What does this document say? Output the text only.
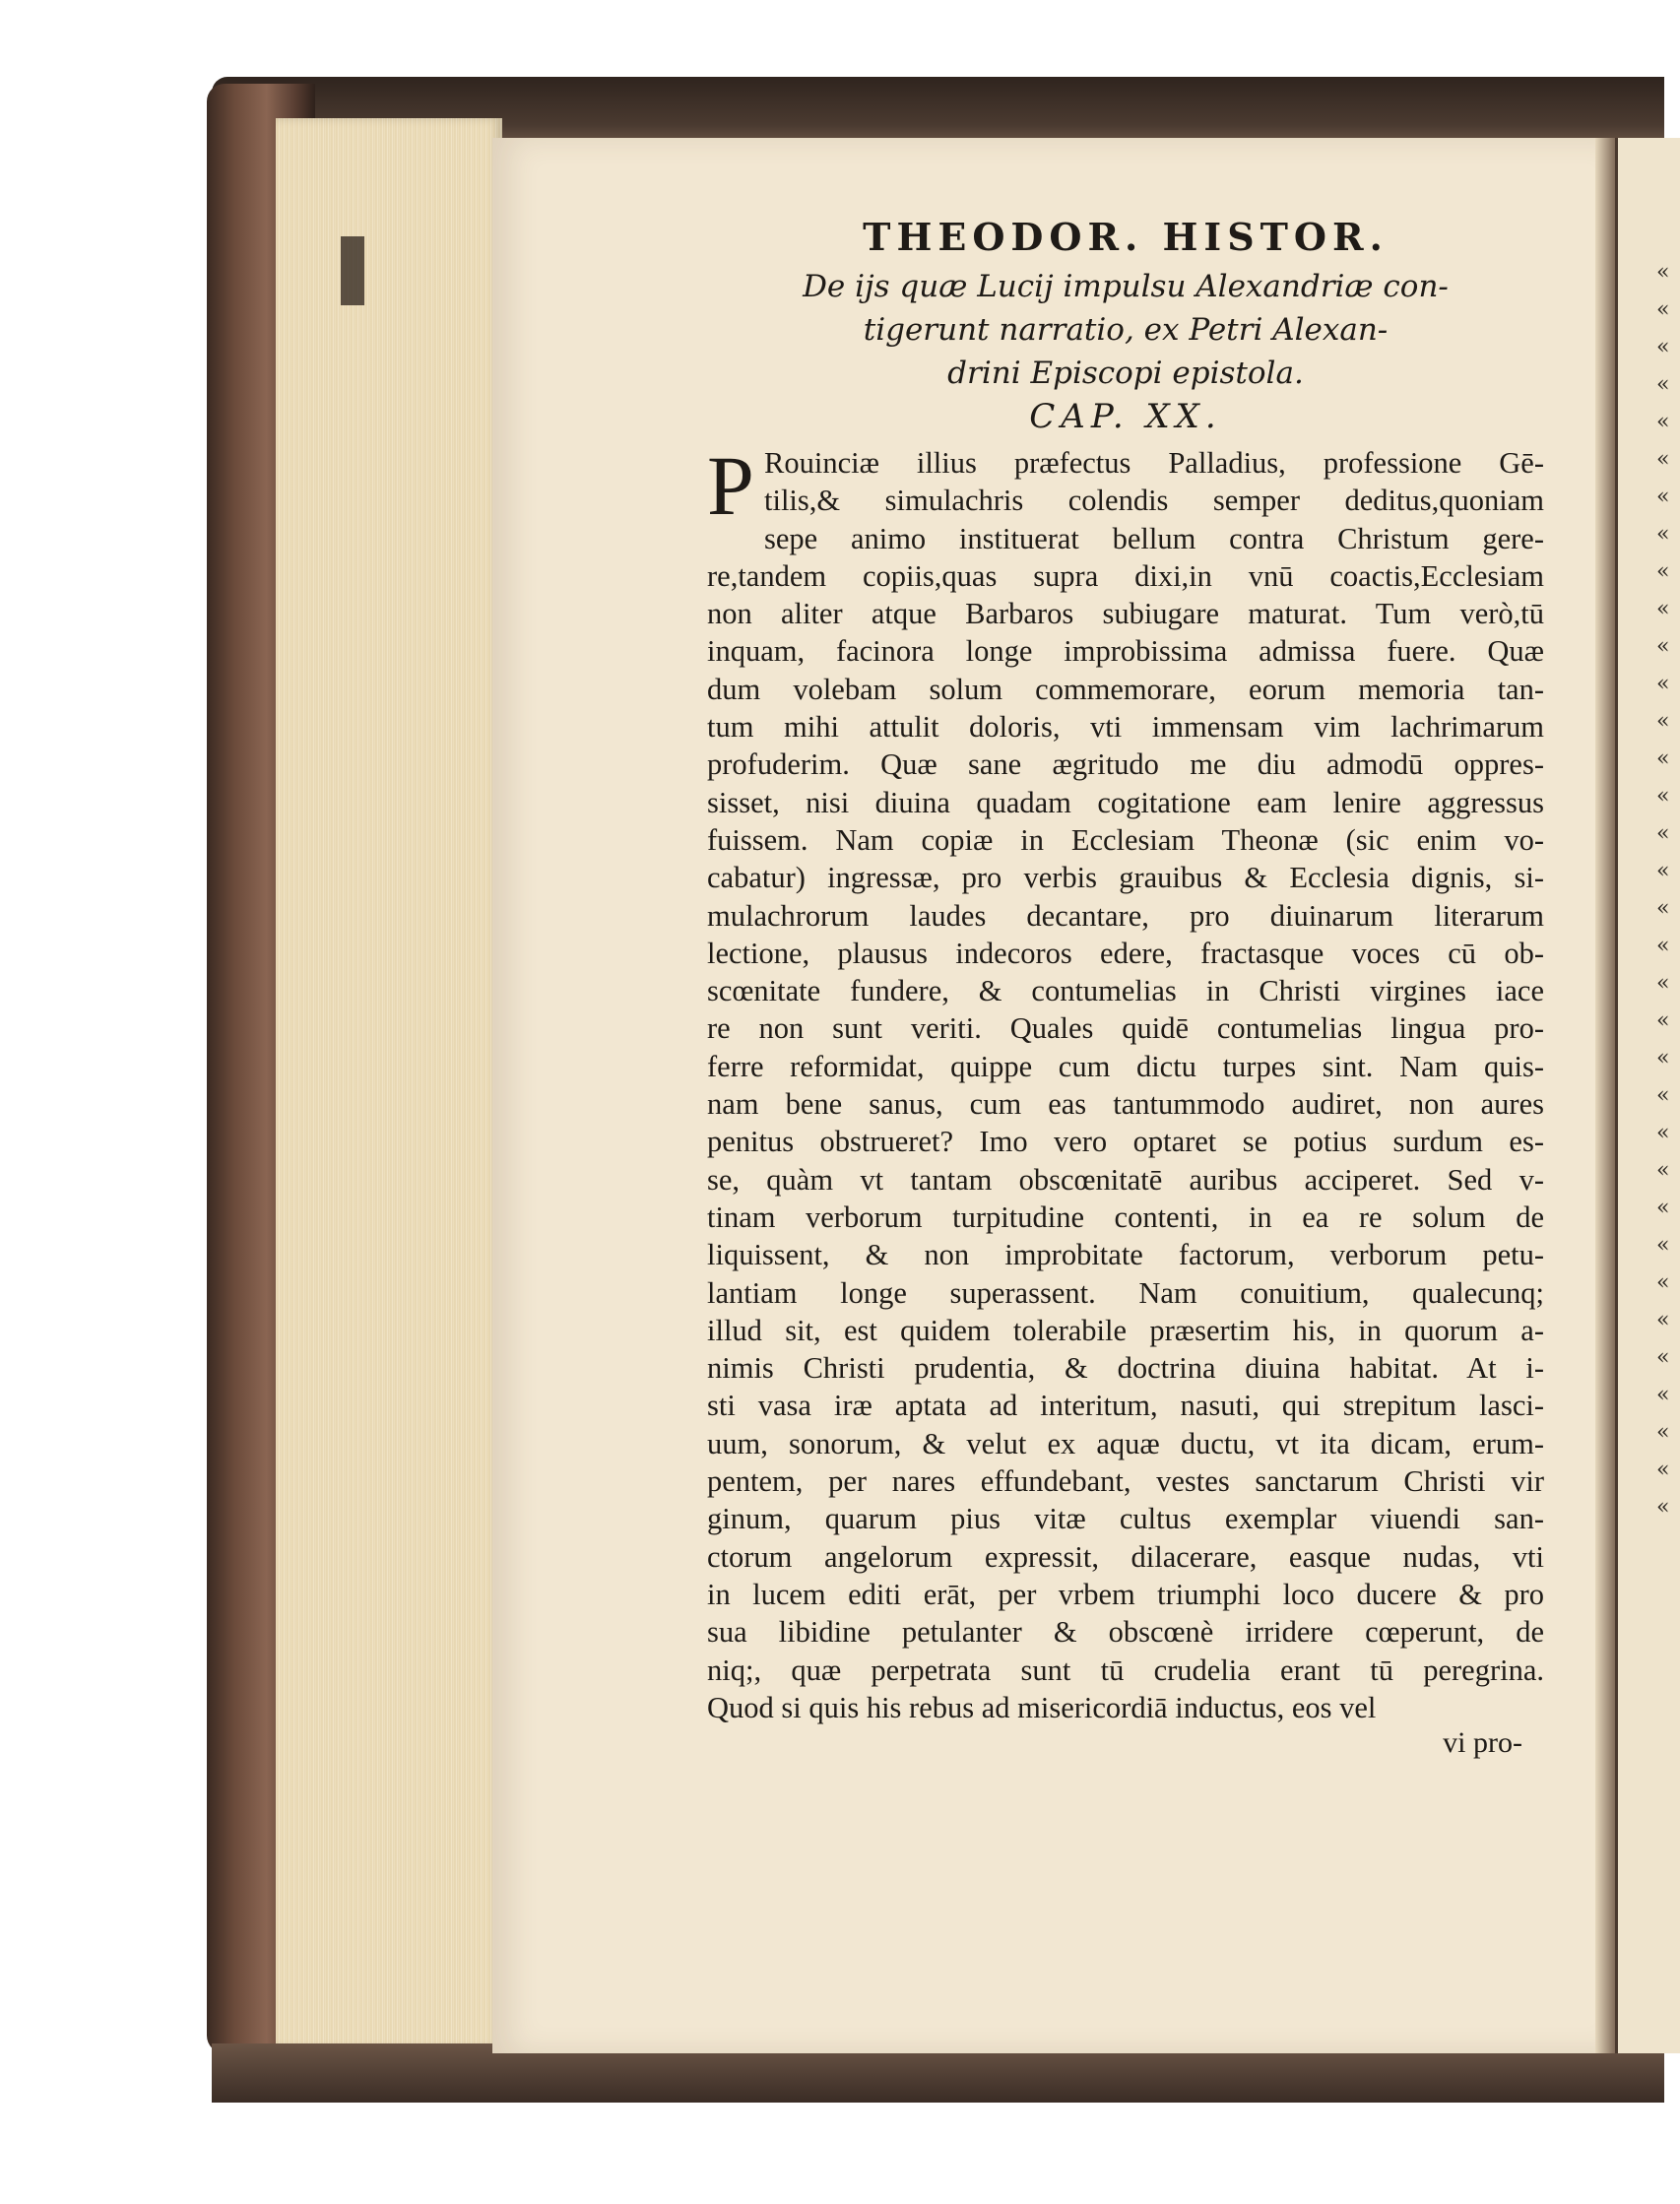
«
«
«
«
«
«
«
«
«
«
«
«
«
«
«
«
«
«
«
«
«
«
«
«
«
«
«
«
«
«
«
«
«
«
THEODOR. HISTOR.

De ijs quæ Lucij impulsu Alexandriæ con-

tigerunt narratio, ex Petri Alexan-

drini Episcopi epistola.

CAP. XX.
P Rouinciæ illius præfectus Palladius, professione Gē-
tilis,& simulachris colendis semper deditus,quoniam
sepe animo instituerat bellum contra Christum gere-
re,tandem copiis,quas supra dixi,in vnū coactis,Ecclesiam
non aliter atque Barbaros subiugare maturat. Tum verò,tū
inquam, facinora longe improbissima admissa fuere. Quæ
dum volebam solum commemorare, eorum memoria tan-
tum mihi attulit doloris, vti immensam vim lachrimarum
profuderim. Quæ sane ægritudo me diu admodū oppres-
sisset, nisi diuina quadam cogitatione eam lenire aggressus
fuissem. Nam copiæ in Ecclesiam Theonæ (sic enim vo-
cabatur) ingressæ, pro verbis grauibus & Ecclesia dignis, si-
mulachrorum laudes decantare, pro diuinarum literarum
lectione, plausus indecoros edere, fractasque voces cū ob-
scœnitate fundere, & contumelias in Christi virgines iace
re non sunt veriti. Quales quidē contumelias lingua pro-
ferre reformidat, quippe cum dictu turpes sint. Nam quis-
nam bene sanus, cum eas tantummodo audiret, non aures
penitus obstrueret? Imo vero optaret se potius surdum es-
se, quàm vt tantam obscœnitatē auribus acciperet. Sed v-
tinam verborum turpitudine contenti, in ea re solum de
liquissent, & non improbitate factorum, verborum petu-
lantiam longe superassent. Nam conuitium, qualecunq;
illud sit, est quidem tolerabile præsertim his, in quorum a-
nimis Christi prudentia, & doctrina diuina habitat. At i-
sti vasa iræ aptata ad interitum, nasuti, qui strepitum lasci-
uum, sonorum, & velut ex aquæ ductu, vt ita dicam, erum-
pentem, per nares effundebant, vestes sanctarum Christi vir
ginum, quarum pius vitæ cultus exemplar viuendi san-
ctorum angelorum expressit, dilacerare, easque nudas, vti
in lucem editi erāt, per vrbem triumphi loco ducere & pro
sua libidine petulanter & obscœnè irridere cœperunt, de
niq;, quæ perpetrata sunt tū crudelia erant tū peregrina.
Quod si quis his rebus ad misericordiā inductus, eos vel
vi pro-
